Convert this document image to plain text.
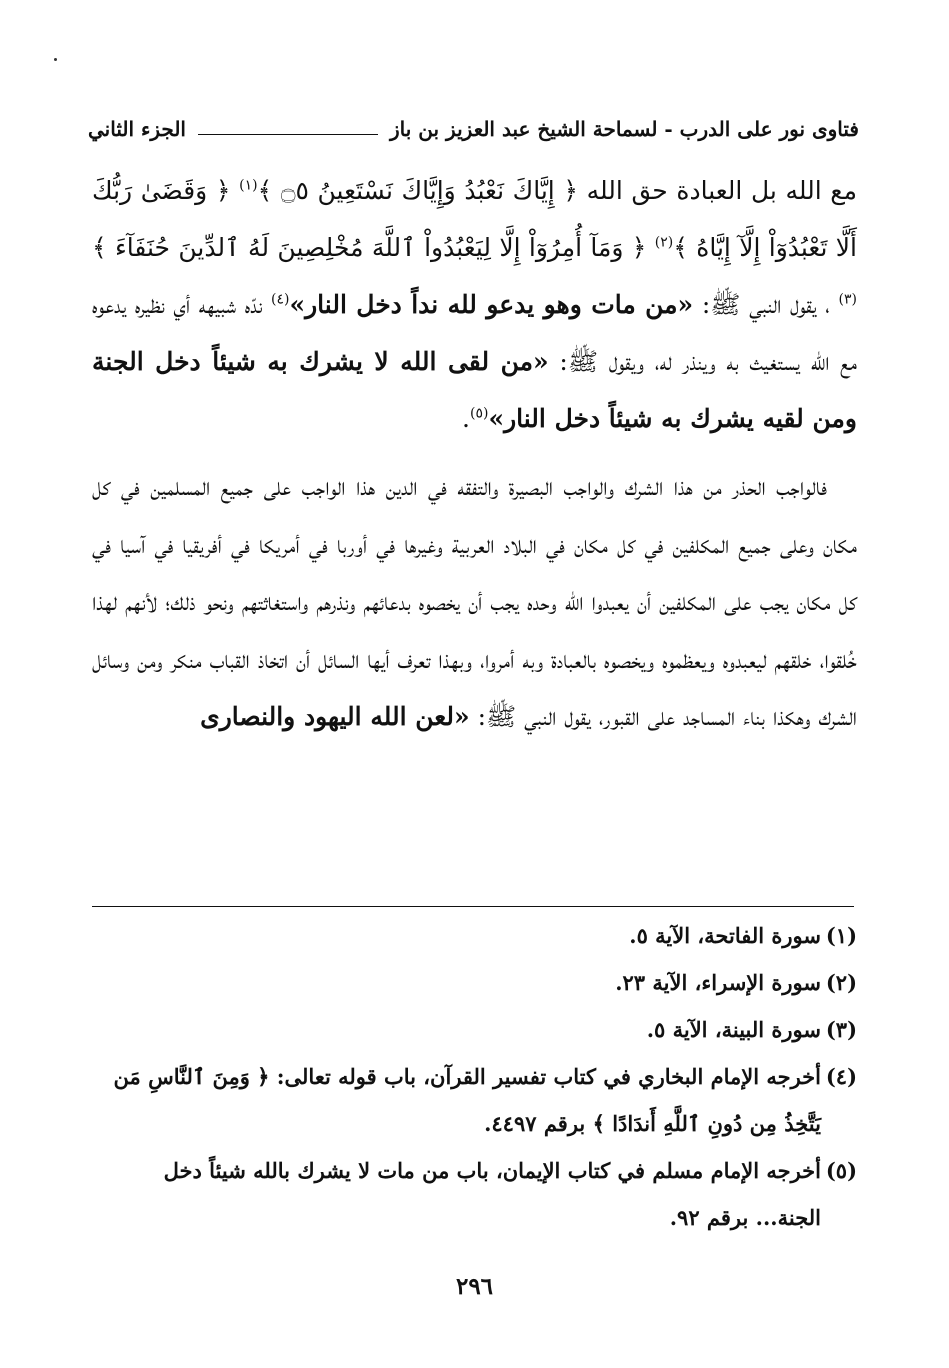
فتاوى نور على الدرب - لسماحة الشيخ عبد العزيز بن باز
الجزء الثاني

مع الله بل العبادة حق الله ﴿ إِيَّاكَ نَعْبُدُ وَإِيَّاكَ نَسْتَعِينُ ۝٥ ﴾$^{(١)}$ ﴿ وَقَضَىٰ رَبُّكَ أَلَّا تَعْبُدُوٓاْ إِلَّآ إِيَّاهُ ﴾$^{(٢)}$ ﴿ وَمَآ أُمِرُوٓاْ إِلَّا لِيَعْبُدُواْ ٱللَّهَ مُخْلِصِينَ لَهُ ٱلدِّينَ حُنَفَآءَ ﴾$^{(٣)}$ ، يقول النبي ﷺ: «من مات وهو يدعو لله نداً دخل النار»$^{(٤)}$ ندّه شبيهه أي نظيره يدعوه مع الله يستغيث به وينذر له، ويقول ﷺ: «من لقى الله لا يشرك به شيئاً دخل الجنة ومن لقيه يشرك به شيئاً دخل النار»$^{(٥)}$.

فالواجب الحذر من هذا الشرك والواجب البصيرة والتفقه في الدين هذا الواجب على جميع المسلمين في كل مكان وعلى جميع المكلفين في كل مكان في البلاد العربية وغيرها في أوربا في أمريكا في أفريقيا في آسيا في كل مكان يجب على المكلفين أن يعبدوا الله وحده يجب أن يخصوه بدعائهم ونذرهم واستغاثتهم ونحو ذلك؛ لأنهم لهذا خُلقوا، خلقهم ليعبدوه ويعظموه ويخصوه بالعبادة وبه أمروا، وبهذا تعرف أيها السائل أن اتخاذ القباب منكر ومن وسائل الشرك وهكذا بناء المساجد على القبور، يقول النبي ﷺ: «لعن الله اليهود والنصارى

(١)
سورة الفاتحة، الآية ٥.
(٢)
سورة الإسراء، الآية ٢٣.
(٣)
سورة البينة، الآية ٥.
(٤)
أخرجه الإمام البخاري في كتاب تفسير القرآن، باب قوله تعالى: ﴿ وَمِنَ ٱلنَّاسِ مَن يَتَّخِذُ مِن دُونِ ٱللَّهِ أَندَادًا ﴾ برقم ٤٤٩٧.
(٥)
أخرجه الإمام مسلم في كتاب الإيمان، باب من مات لا يشرك بالله شيئاً دخل الجنة... برقم ٩٢.
٢٩٦
